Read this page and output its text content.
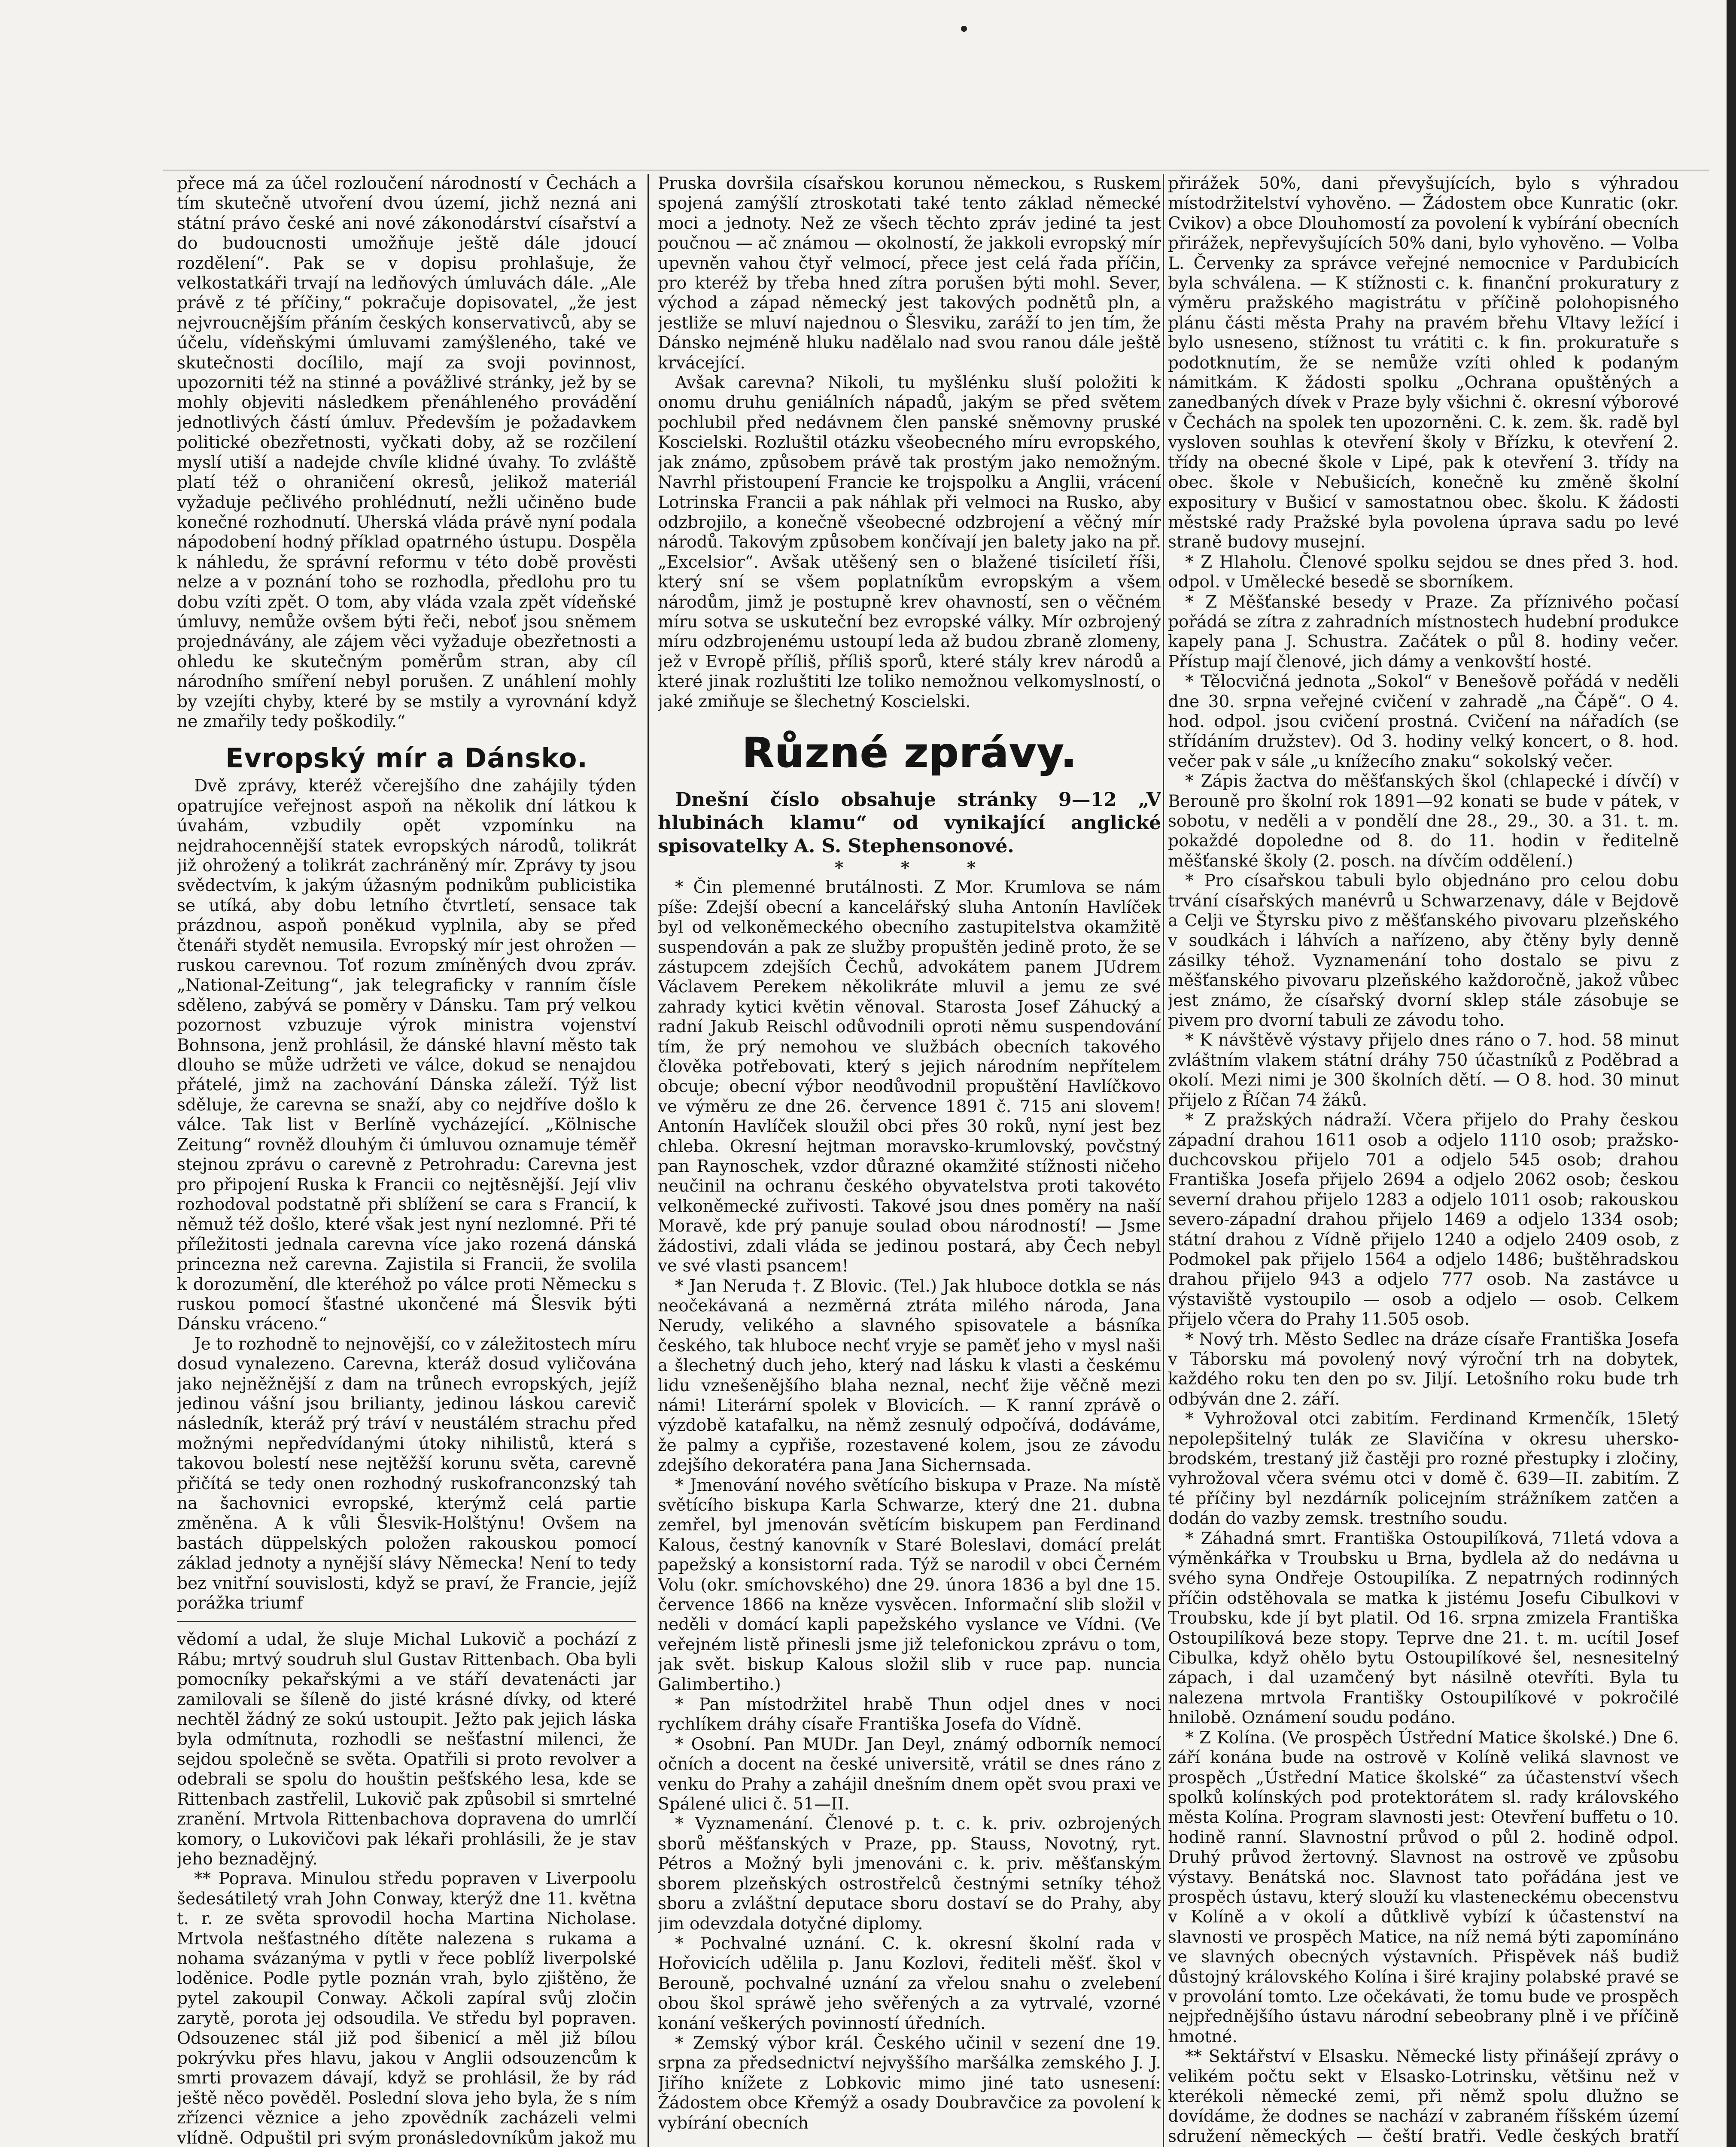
přece má za účel rozloučení národností v Čechách a tím skutečně utvoření dvou území, jichž nezná ani státní právo české ani nové zákonodárství císařství a do budoucnosti umožňuje ještě dále jdoucí rozdělení“. Pak se v dopisu prohlašuje, že velkostatkáři trvají na ledňových úmluvách dále. „Ale právě z té příčiny,“ pokračuje dopisovatel, „že jest nejvroucnějším přáním českých konservativců, aby se účelu, vídeňskými úmluvami zamýšleného, také ve skutečnosti docílilo, mají za svoji povinnost, upozorniti též na stinné a povážlivé stránky, jež by se mohly objeviti následkem přenáhleného provádění jednotlivých částí úmluv. Především je požadavkem politické obezřetnosti, vyčkati doby, až se rozčilení myslí utiší a nadejde chvíle klidné úvahy. To zvláště platí též o ohraničení okresů, jelikož materiál vyžaduje pečlivého prohlédnutí, nežli učiněno bude konečné rozhodnutí. Uherská vláda právě nyní podala nápodobení hodný příklad opatrného ústupu. Dospěla k náhledu, že správní reformu v této době prověsti nelze a v poznání toho se rozhodla, předlohu pro tu dobu vzíti zpět. O tom, aby vláda vzala zpět vídeňské úmluvy, nemůže ovšem býti řeči, neboť jsou sněmem projednávány, ale zájem věci vyžaduje obezřetnosti a ohledu ke skutečným poměrům stran, aby cíl národního smíření nebyl porušen. Z unáhlení mohly by vzejíti chyby, které by se mstily a vyrovnání když ne zmařily tedy poškodily.“

Evropský mír a Dánsko.

Dvě zprávy, kteréž včerejšího dne zahájily týden opatrujíce veřejnost aspoň na několik dní látkou k úvahám, vzbudily opět vzpomínku na nejdrahocennější statek evropských národů, tolikrát již ohrožený a tolikrát zachráněný mír. Zprávy ty jsou svědectvím, k jakým úžasným podnikům publicistika se utíká, aby dobu letního čtvrtletí, sensace tak prázdnou, aspoň poněkud vyplnila, aby se před čtenáři stydět nemusila. Evropský mír jest ohrožen — ruskou carevnou. Toť rozum zmíněných dvou zpráv. „National-Zeitung“, jak telegraficky v ranním čísle sděleno, zabývá se poměry v Dánsku. Tam prý velkou pozornost vzbuzuje výrok ministra vojenství Bohnsona, jenž prohlásil, že dánské hlavní město tak dlouho se může udržeti ve válce, dokud se nenajdou přátelé, jimž na zachování Dánska záleží. Týž list sděluje, že carevna se snaží, aby co nejdříve došlo k válce. Tak list v Berlíně vycházející. „Kölnische Zeitung“ rovněž dlouhým či úmluvou oznamuje téměř stejnou zprávu o carevně z Petrohradu: Carevna jest pro připojení Ruska k Francii co nejtěsnější. Její vliv rozhodoval podstatně při sblížení se cara s Francií, k němuž též došlo, které však jest nyní nezlomné. Při té příležitosti jednala carevna více jako rozená dánská princezna než carevna. Zajistila si Francii, že svolila k dorozumění, dle kteréhož po válce proti Německu s ruskou pomocí šťastné ukončené má Šlesvik býti Dánsku vráceno.“

Je to rozhodně to nejnovější, co v záležitostech míru dosud vynalezeno. Carevna, kteráž dosud vyličována jako nejněžnější z dam na trůnech evropských, jejíž jedinou vášní jsou brilianty, jedinou láskou carevič následník, kteráž prý tráví v neustálém strachu před možnými nepředvídanými útoky nihilistů, která s takovou bolestí nese nejtěžší korunu světa, carevně přičítá se tedy onen rozhodný ruskofranconzský tah na šachovnici evropské, kterýmž celá partie změněna. A k vůli Šlesvik-Holštýnu! Ovšem na bastách düppelských položen rakouskou pomocí základ jednoty a nynější slávy Německa! Není to tedy bez vnitřní souvislosti, když se praví, že Francie, jejíž porážka triumf

vědomí a udal, že sluje Michal Lukovič a pochází z Rábu; mrtvý soudruh slul Gustav Rittenbach. Oba byli pomocníky pekařskými a ve stáří devatenácti jar zamilovali se šíleně do jisté krásné dívky, od které nechtěl žádný ze sokú ustoupit. Ježto pak jejich láska byla odmítnuta, rozhodli se nešťastní milenci, že sejdou společně se světa. Opatřili si proto revolver a odebrali se spolu do houštin pešťského lesa, kde se Rittenbach zastřelil, Lukovič pak způsobil si smrtelné zranění. Mrtvola Rittenbachova dopravena do umrlčí komory, o Lukovičovi pak lékaři prohlásili, že je stav jeho beznadějný.

** Poprava. Minulou středu popraven v Liverpoolu šedesátiletý vrah John Conway, kterýž dne 11. května t. r. ze světa sprovodil hocha Martina Nicholase. Mrtvola nešťastného dítěte nalezena s rukama a nohama svázanýma v pytli v řece poblíž liverpolské loděnice. Podle pytle poznán vrah, bylo zjištěno, že pytel zakoupil Conway. Ačkoli zapíral svůj zločin zarytě, porota jej odsoudila. Ve středu byl popraven. Odsouzenec stál již pod šibenicí a měl již bílou pokrývku přes hlavu, jakou v Anglii odsouzencům k smrti provazem dávají, když se prohlásil, že by rád ještě něco pověděl. Poslední slova jeho byla, že s ním zřízenci věznice a jeho zpovědník zacházeli velmi vlídně. Odpuštil pri svým pronásledovníkům jakož mu

Pruska dovršila císařskou korunou německou, s Ruskem spojená zamýšlí ztroskotati také tento základ německé moci a jednoty. Než ze všech těchto zpráv jediné ta jest poučnou — ač známou — okolností, že jakkoli evropský mír upevněn vahou čtyř velmocí, přece jest celá řada příčin, pro kteréž by třeba hned zítra porušen býti mohl. Sever, východ a západ německý jest takových podnětů pln, a jestliže se mluví najednou o Šlesviku, zaráží to jen tím, že Dánsko nejméně hluku nadělalo nad svou ranou dále ještě krvácející.

Avšak carevna? Nikoli, tu myšlénku sluší položiti k onomu druhu geniálních nápadů, jakým se před světem pochlubil před nedávnem člen panské sněmovny pruské Koscielski. Rozluštil otázku všeobecného míru evropského, jak známo, způsobem právě tak prostým jako nemožným. Navrhl přistoupení Francie ke trojspolku a Anglii, vrácení Lotrinska Francii a pak náhlak při velmoci na Rusko, aby odzbrojilo, a konečně všeobecné odzbrojení a věčný mír národů. Takovým způsobem končívají jen balety jako na př. „Excelsior“. Avšak utěšený sen o blažené tisíciletí říši, který sní se všem poplatníkům evropským a všem národům, jimž je postupně krev ohavností, sen o věčném míru sotva se uskuteční bez evropské války. Mír ozbrojený míru odzbrojenému ustoupí leda až budou zbraně zlomeny, jež v Evropě příliš, příliš sporů, které stály krev národů a které jinak rozluštiti lze toliko nemožnou velkomyslností, o jaké zmiňuje se šlechetný Koscielski.

Různé zprávy.

Dnešní číslo obsahuje stránky 9—12 „V hlubinách klamu“ od vynikající anglické spisovatelky A. S. Stephensonové.

* * *

* Čin plemenné brutálnosti. Z Mor. Krumlova se nám píše: Zdejší obecní a kancelářský sluha Antonín Havlíček byl od velkoněmeckého obecního zastupitelstva okamžitě suspendován a pak ze služby propuštěn jedině proto, že se zástupcem zdejších Čechů, advokátem panem JUdrem Václavem Perekem několikráte mluvil a jemu ze své zahrady kytici květin věnoval. Starosta Josef Záhucký a radní Jakub Reischl odůvodnili oproti němu suspendování tím, že prý nemohou ve službách obecních takového člověka potřebovati, který s jejich národním nepřítelem obcuje; obecní výbor neodůvodnil propuštění Havlíčkovo ve výměru ze dne 26. července 1891 č. 715 ani slovem! Antonín Havlíček sloužil obci přes 30 roků, nyní jest bez chleba. Okresní hejtman moravsko-krumlovský, povčstný pan Raynoschek, vzdor důrazné okamžité stížnosti ničeho neučinil na ochranu českého obyvatelstva proti takovéto velkoněmecké zuřivosti. Takové jsou dnes poměry na naší Moravě, kde prý panuje soulad obou národností! — Jsme žádostivi, zdali vláda se jedinou postará, aby Čech nebyl ve své vlasti psancem!

* Jan Neruda †. Z Blovic. (Tel.) Jak hluboce dotkla se nás neočekávaná a nezměrná ztráta milého národa, Jana Nerudy, velikého a slavného spisovatele a básníka českého, tak hluboce nechť vryje se paměť jeho v mysl naši a šlechetný duch jeho, který nad lásku k vlasti a českému lidu vznešenějšího blaha neznal, nechť žije věčně mezi námi! Literární spolek v Blovicích. — K ranní zprávě o výzdobě katafalku, na němž zesnulý odpočívá, dodáváme, že palmy a cypřiše, rozestavené kolem, jsou ze závodu zdejšího dekoratéra pana Jana Sichernsada.

* Jmenování nového světícího biskupa v Praze. Na místě světícího biskupa Karla Schwarze, který dne 21. dubna zemřel, byl jmenován světícím biskupem pan Ferdinand Kalous, čestný kanovník v Staré Boleslavi, domácí prelát papežský a konsistorní rada. Týž se narodil v obci Černém Volu (okr. smíchovského) dne 29. února 1836 a byl dne 15. července 1866 na kněze vysvěcen. Informační slib složil v neděli v domácí kapli papežského vyslance ve Vídni. (Ve veřejném listě přinesli jsme již telefonickou zprávu o tom, jak svět. biskup Kalous složil slib v ruce pap. nuncia Galimbertiho.)

* Pan místodržitel hrabě Thun odjel dnes v noci rychlíkem dráhy císaře Františka Josefa do Vídně.

* Osobní. Pan MUDr. Jan Deyl, známý odborník nemocí očních a docent na české universitě, vrátil se dnes ráno z venku do Prahy a zahájil dnešním dnem opět svou praxi ve Spálené ulici č. 51—II.

* Vyznamenání. Členové p. t. c. k. priv. ozbrojených sborů měšťanských v Praze, pp. Stauss, Novotný, ryt. Pétros a Možný byli jmenováni c. k. priv. měšťanským sborem plzeňských ostrostřelců čestnými setníky téhož sboru a zvláštní deputace sboru dostaví se do Prahy, aby jim odevzdala dotyčné diplomy.

* Pochvalné uznání. C. k. okresní školní rada v Hořovicích udělila p. Janu Kozlovi, řediteli měšť. škol v Berouně, pochvalné uznání za vřelou snahu o zvelebení obou škol spráwě jeho svěřených a za vytrvalé, vzorné konání veškerých povinností úředních.

* Zemský výbor král. Českého učinil v sezení dne 19. srpna za předsednictví nejvyššího maršálka zemského J. J. Jiřího knížete z Lobkovic mimo jiné tato usnesení: Žádostem obce Křemýž a osady Doubravčice za povolení k vybírání obecních

přirážek 50%, dani převyšujících, bylo s výhradou místodržitelství vyhověno. — Žádostem obce Kunratic (okr. Cvikov) a obce Dlouhomostí za povolení k vybírání obecních přirážek, nepřevyšujících 50% dani, bylo vyhověno. — Volba L. Červenky za správce veřejné nemocnice v Pardubicích byla schválena. — K stížnosti c. k. finanční prokuratury z výměru pražského magistrátu v příčině polohopisného plánu části města Prahy na pravém břehu Vltavy ležící i bylo usneseno, stížnost tu vrátiti c. k fin. prokuratuře s podotknutím, že se nemůže vzíti ohled k podaným námitkám. K žádosti spolku „Ochrana opuštěných a zanedbaných dívek v Praze byly všichni č. okresní výborové v Čechách na spolek ten upozorněni. C. k. zem. šk. radě byl vysloven souhlas k otevření školy v Břízku, k otevření 2. třídy na obecné škole v Lipé, pak k otevření 3. třídy na obec. škole v Nebušicích, konečně ku změně školní expositury v Bušicí v samostatnou obec. školu. K žádosti městské rady Pražské byla povolena úprava sadu po levé straně budovy musejní.

* Z Hlaholu. Členové spolku sejdou se dnes před 3. hod. odpol. v Umělecké besedě se sborníkem.

* Z Měšťanské besedy v Praze. Za příznivého počasí pořádá se zítra z zahradních místnostech hudební produkce kapely pana J. Schustra. Začátek o půl 8. hodiny večer. Přístup mají členové, jich dámy a venkovští hosté.

* Tělocvičná jednota „Sokol“ v Benešově pořádá v neděli dne 30. srpna veřejné cvičení v zahradě „na Čápě“. O 4. hod. odpol. jsou cvičení prostná. Cvičení na nářadích (se střídáním družstev). Od 3. hodiny velký koncert, o 8. hod. večer pak v sále „u knížecího znaku“ sokolský večer.

* Zápis žactva do měšťanských škol (chlapecké i dívčí) v Berouně pro školní rok 1891—92 konati se bude v pátek, v sobotu, v neděli a v pondělí dne 28., 29., 30. a 31. t. m. pokaždé dopoledne od 8. do 11. hodin v ředitelně měšťanské školy (2. posch. na dívčím oddělení.)

* Pro císařskou tabuli bylo objednáno pro celou dobu trvání císařských manévrů u Schwarzenavy, dále v Bejdově a Celji ve Štyrsku pivo z měšťanského pivovaru plzeňského v soudkách i láhvích a nařízeno, aby čtěny byly denně zásilky téhož. Vyznamenání toho dostalo se pivu z měšťanského pivovaru plzeňského každoročně, jakož vůbec jest známo, že císařský dvorní sklep stále zásobuje se pivem pro dvorní tabuli ze závodu toho.

* K návštěvě výstavy přijelo dnes ráno o 7. hod. 58 minut zvláštním vlakem státní dráhy 750 účastníků z Poděbrad a okolí. Mezi nimi je 300 školních dětí. — O 8. hod. 30 minut přijelo z Říčan 74 žáků.

* Z pražských nádraží. Včera přijelo do Prahy českou západní drahou 1611 osob a odjelo 1110 osob; pražsko-duchcovskou přijelo 701 a odjelo 545 osob; drahou Františka Josefa přijelo 2694 a odjelo 2062 osob; českou severní drahou přijelo 1283 a odjelo 1011 osob; rakouskou severo-západní drahou přijelo 1469 a odjelo 1334 osob; státní drahou z Vídně přijelo 1240 a odjelo 2409 osob, z Podmokel pak přijelo 1564 a odjelo 1486; buštěhradskou drahou přijelo 943 a odjelo 777 osob. Na zastávce u výstaviště vystoupilo — osob a odjelo — osob. Celkem přijelo včera do Prahy 11.505 osob.

* Nový trh. Město Sedlec na dráze císaře Františka Josefa v Táborsku má povolený nový výroční trh na dobytek, každého roku ten den po sv. Jiljí. Letošního roku bude trh odbýván dne 2. září.

* Vyhrožoval otci zabitím. Ferdinand Krmenčík, 15letý nepolepšitelný tulák ze Slavičína v okresu uhersko-brodském, trestaný již častěji pro rozné přestupky i zločiny, vyhrožoval včera svému otci v domě č. 639—II. zabitím. Z té příčiny byl nezdárník policejním strážníkem zatčen a dodán do vazby zemsk. trestního soudu.

* Záhadná smrt. Františka Ostoupilíková, 71letá vdova a výměnkářka v Troubsku u Brna, bydlela až do nedávna u svého syna Ondřeje Ostoupilíka. Z nepatrných rodinných příčin odstěhovala se matka k jistému Josefu Cibulkovi v Troubsku, kde jí byt platil. Od 16. srpna zmizela Františka Ostoupilíková beze stopy. Teprve dne 21. t. m. ucítil Josef Cibulka, když ohělo bytu Ostoupilíkové šel, nesnesitelný zápach, i dal uzamčený byt násilně otevříti. Byla tu nalezena mrtvola Františky Ostoupilíkové v pokročilé hnilobě. Oznámení soudu podáno.

* Z Kolína. (Ve prospěch Ústřední Matice školské.) Dne 6. září konána bude na ostrově v Kolíně veliká slavnost ve prospěch „Ústřední Matice školské“ za účastenství všech spolků kolínských pod protektorátem sl. rady královského města Kolína. Program slavnosti jest: Otevření buffetu o 10. hodině ranní. Slavnostní průvod o půl 2. hodině odpol. Druhý průvod žertovný. Slavnost na ostrově ve způsobu výstavy. Benátská noc. Slavnost tato pořádána jest ve prospěch ústavu, který slouží ku vlasteneckému obecenstvu v Kolíně a v okolí a důtklivě vybízí k účastenství na slavnosti ve prospěch Matice, na níž nemá býti zapomínáno ve slavných obecných výstavních. Přispěvek náš budiž důstojný královského Kolína i širé krajiny polabské pravé se v provolání tomto. Lze očekávati, že tomu bude ve prospěch nejpřednějšího ústavu národní sebeobrany plně i ve příčině hmotné.

** Sektářství v Elsasku. Německé listy přinášejí zprávy o velikém počtu sekt v Elsasko-Lotrinsku, většinu než v kterékoli německé zemi, při němž spolu dlužno se dovídáme, že dodnes se nachází v zabraném říšském území sdružení německých — čeští bratři. Vedle českých bratří
